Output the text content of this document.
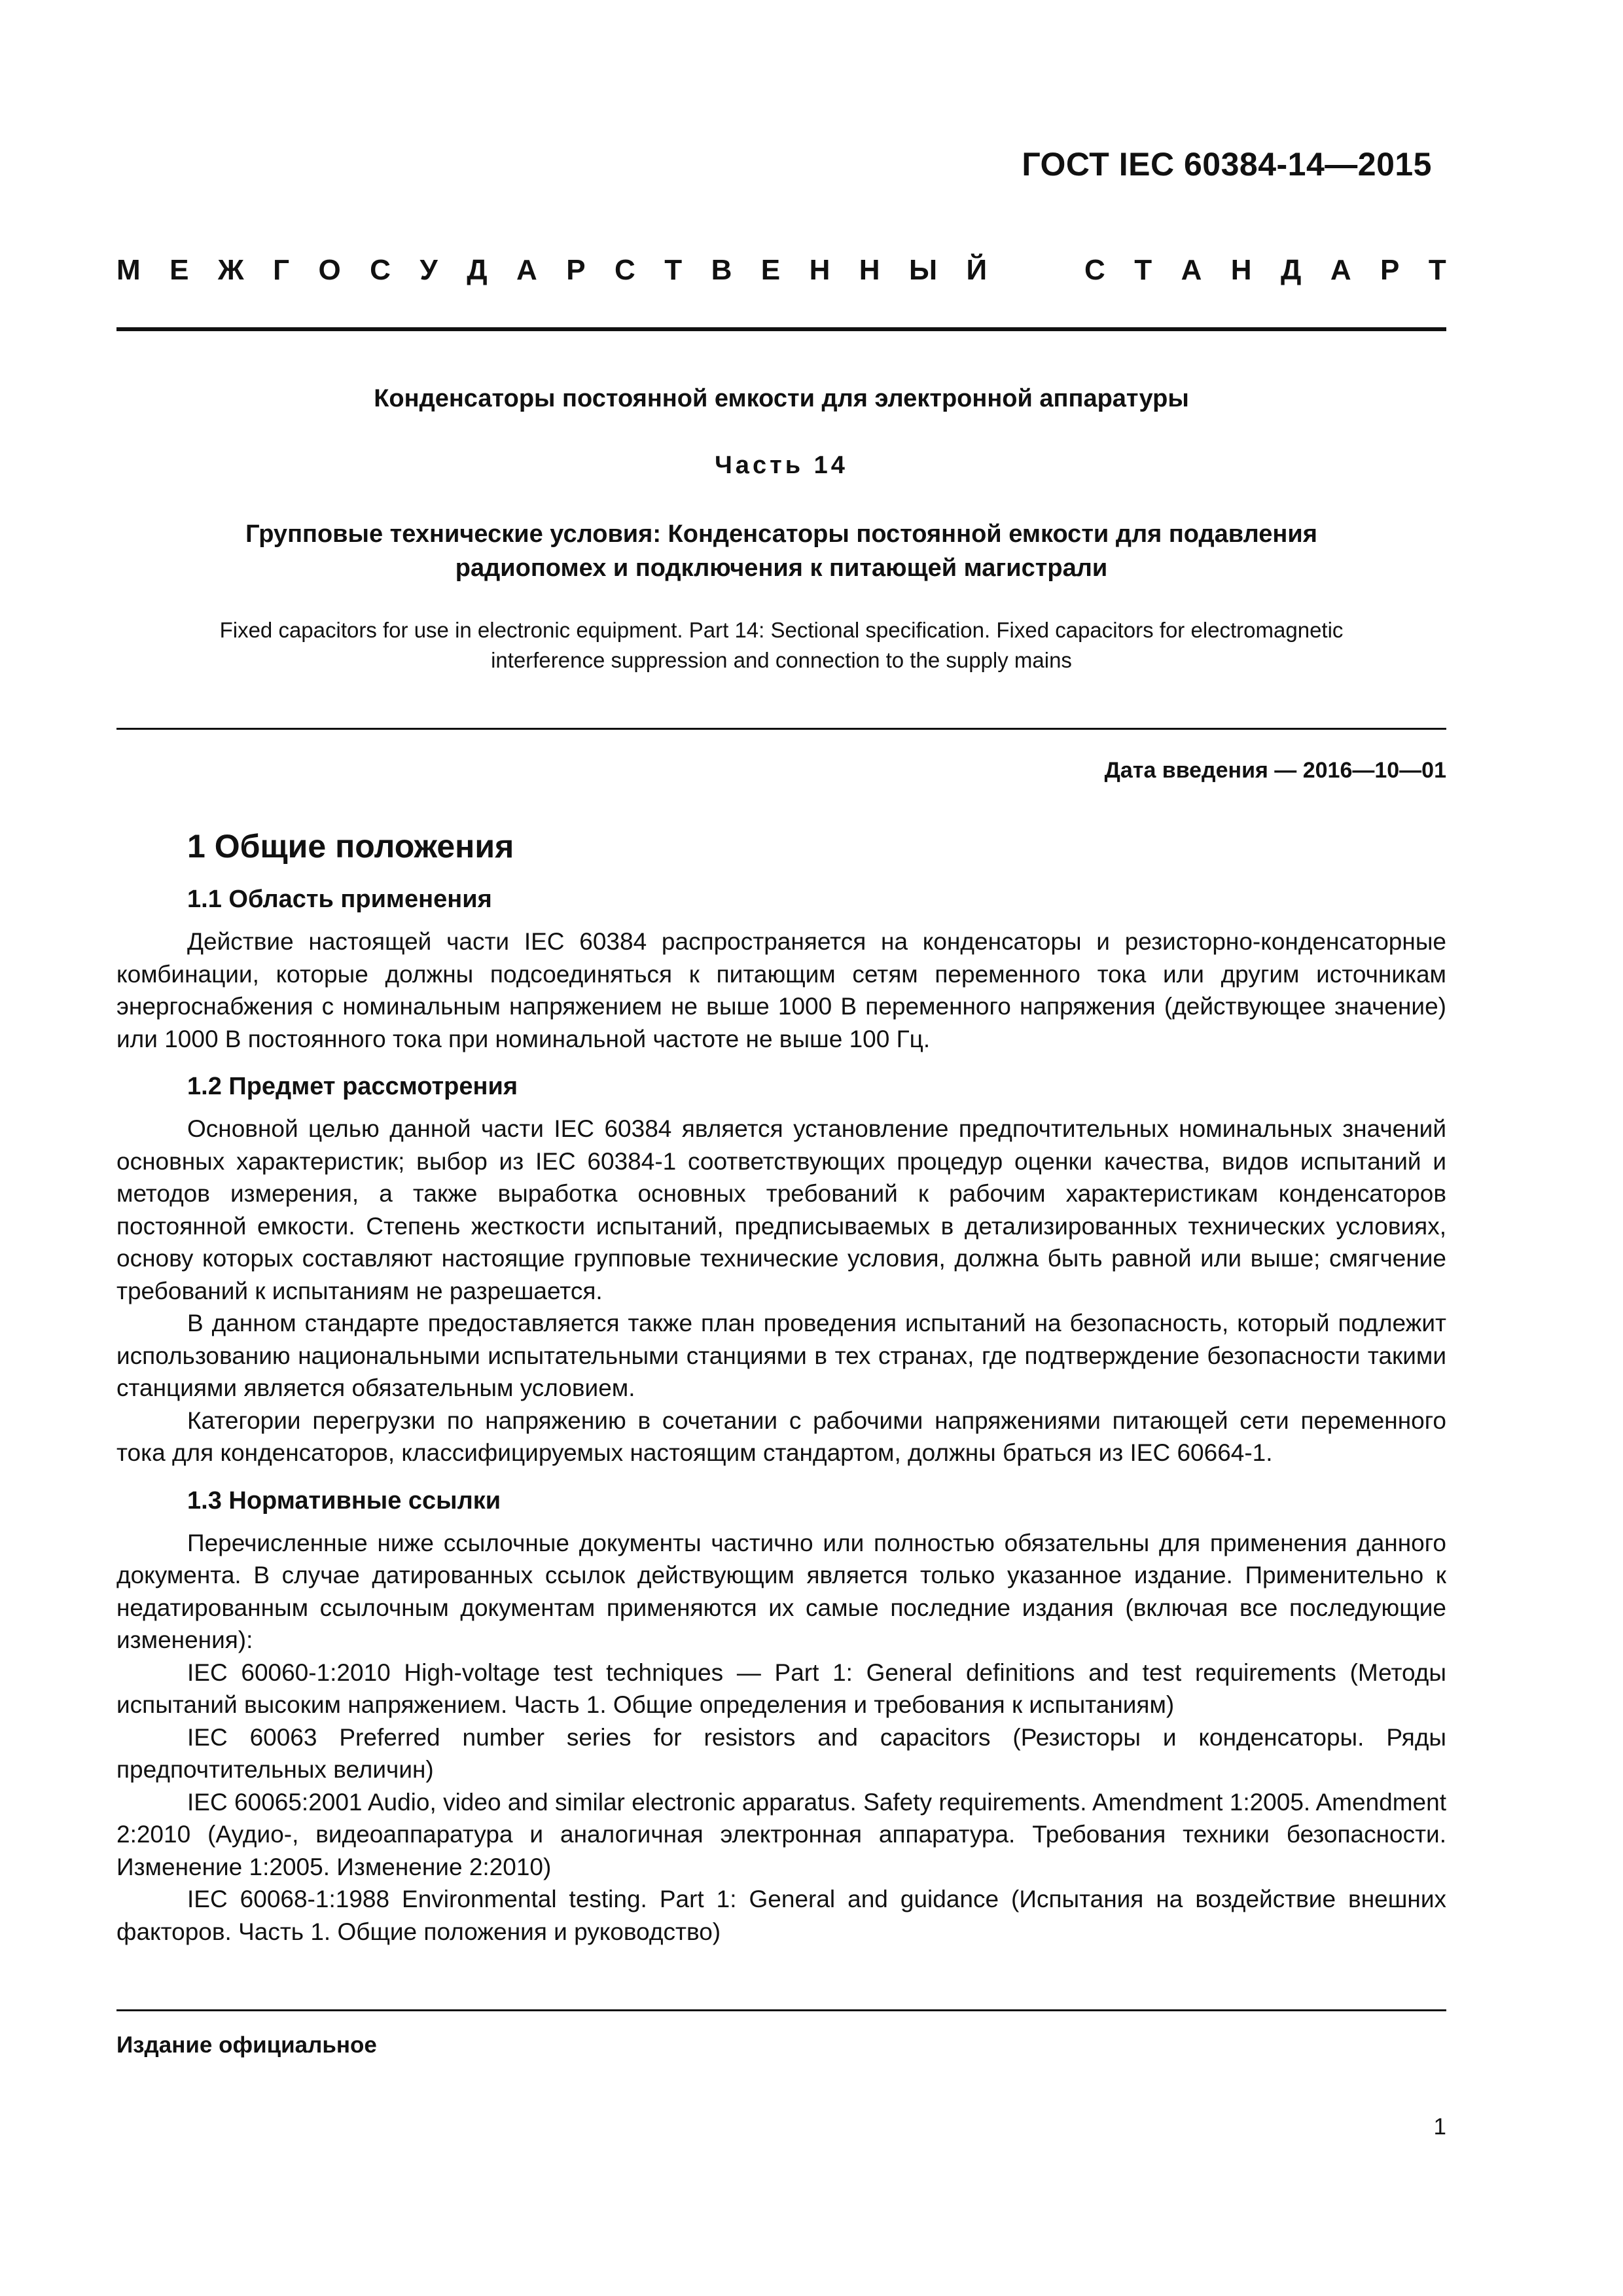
ГОСТ IEC 60384-14—2015
М Е Ж Г О С У Д А Р С Т В Е Н Н Ы Й	С Т А Н Д А Р Т
Конденсаторы постоянной емкости для электронной аппаратуры
Часть 14
Групповые технические условия: Конденсаторы постоянной емкости для подавления
радиопомех и подключения к питающей магистрали
Fixed capacitors for use in electronic equipment. Part 14: Sectional specification. Fixed capacitors for electromagnetic
interference suppression and connection to the supply mains
Дата введения — 2016—10—01
1 Общие положения
1.1 Область применения

Действие настоящей части IEC 60384 распространяется на конденсаторы и резисторно-конденсаторные комбинации, которые должны подсоединяться к питающим сетям переменного тока или другим источникам энергоснабжения с номинальным напряжением не выше 1000 В переменного напряжения (действующее значение) или 1000 В постоянного тока при номинальной частоте не выше 100 Гц.

1.2 Предмет рассмотрения

Основной целью данной части IEC 60384 является установление предпочтительных номинальных значений основных характеристик; выбор из IEC 60384-1 соответствующих процедур оценки качества, видов испытаний и методов измерения, а также выработка основных требований к рабочим характеристикам конденсаторов постоянной емкости. Степень жесткости испытаний, предписываемых в детализированных технических условиях, основу которых составляют настоящие групповые технические условия, должна быть равной или выше; смягчение требований к испытаниям не разрешается.

В данном стандарте предоставляется также план проведения испытаний на безопасность, который подлежит использованию национальными испытательными станциями в тех странах, где подтверждение безопасности такими станциями является обязательным условием.

Категории перегрузки по напряжению в сочетании с рабочими напряжениями питающей сети переменного тока для конденсаторов, классифицируемых настоящим стандартом, должны браться из IEC 60664-1.

1.3 Нормативные ссылки

Перечисленные ниже ссылочные документы частично или полностью обязательны для применения данного документа. В случае датированных ссылок действующим является только указанное издание. Применительно к недатированным ссылочным документам применяются их самые последние издания (включая все последующие изменения):

IEC 60060-1:2010 High-voltage test techniques — Part 1: General definitions and test requirements (Методы испытаний высоким напряжением. Часть 1. Общие определения и требования к испытаниям)

IEC 60063 Preferred number series for resistors and capacitors (Резисторы и конденсаторы. Ряды предпочтительных величин)

IEC 60065:2001 Audio, video and similar electronic apparatus. Safety requirements. Amendment 1:2005. Amendment 2:2010 (Аудио-, видеоаппаратура и аналогичная электронная аппаратура. Требования техники безопасности. Изменение 1:2005. Изменение 2:2010)

IEC 60068-1:1988 Environmental testing. Part 1: General and guidance (Испытания на воздействие внешних факторов. Часть 1. Общие положения и руководство)

Издание официальное
1
